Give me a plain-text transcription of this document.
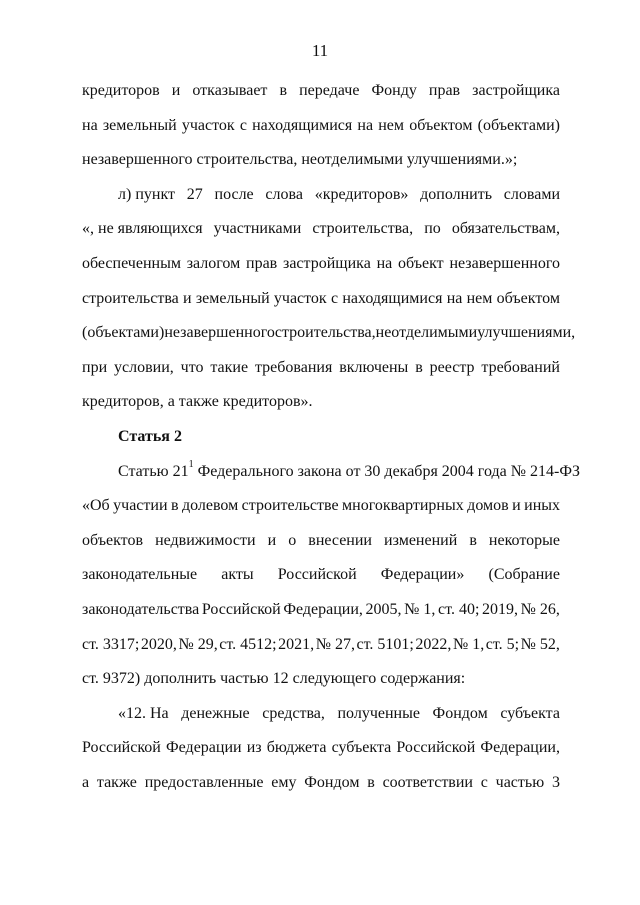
11
кредиторов и отказывает в передаче Фонду прав застройщика
на земельный участок с находящимися на нем объектом (объектами)
незавершенного строительства, неотделимыми улучшениями.»;
л) пункт 27 после слова «кредиторов» дополнить словами
«, не являющихся участниками строительства, по обязательствам,
обеспеченным залогом прав застройщика на объект незавершенного
строительства и земельный участок с находящимися на нем объектом
(объектами) незавершенного строительства, неотделимыми улучшениями,
при условии, что такие требования включены в реестр требований
кредиторов, а также кредиторов».
Статья 2
Статью $21^1$ Федерального закона от 30 декабря 2004 года № 214-ФЗ
«Об участии в долевом строительстве многоквартирных домов и иных
объектов недвижимости и о внесении изменений в некоторые
законодательные акты Российской Федерации» (Собрание
законодательства Российской Федерации, 2005, № 1, ст. 40; 2019, № 26,
ст. 3317; 2020, № 29, ст. 4512; 2021, № 27, ст. 5101; 2022, № 1, ст. 5; № 52,
ст. 9372) дополнить частью 12 следующего содержания:
«12. На денежные средства, полученные Фондом субъекта
Российской Федерации из бюджета субъекта Российской Федерации,
а также предоставленные ему Фондом в соответствии с частью 3
